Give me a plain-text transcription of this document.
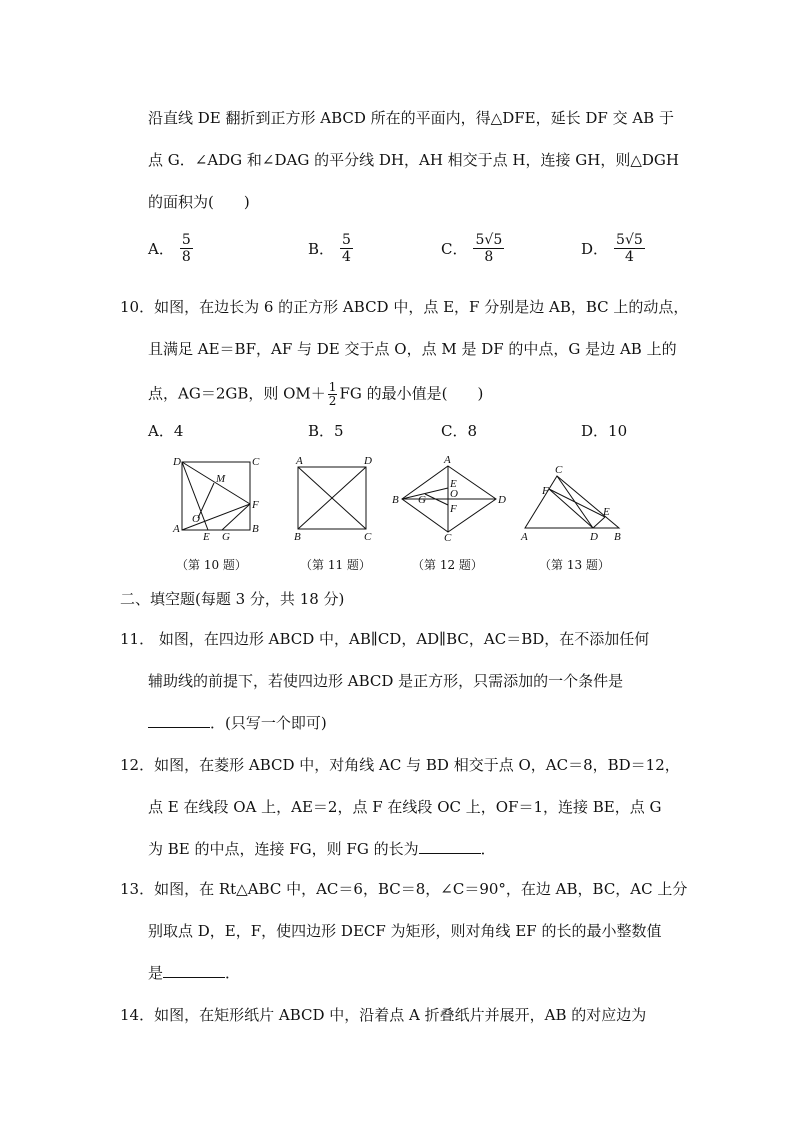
沿直线 DE 翻折到正方形 ABCD 所在的平面内，得△DFE，延长 DF 交 AB 于
点 G．∠ADG 和∠DAG 的平分线 DH，AH 相交于点 H，连接 GH，则△DGH
的面积为(　　)
A． $\frac{5}{8}$	B． $\frac{5}{4}$	C． $\frac{5√5}{8}$	D． $\frac{5√5}{4}$
10．如图，在边长为 6 的正方形 ABCD 中，点 E，F 分别是边 AB，BC 上的动点，
且满足 AE＝BF，AF 与 DE 交于点 O，点 M 是 DF 的中点，G 是边 AB 上的
点，AG＝2GB，则 $OM+ \frac{1}{2}$ FG 的最小值是(　　)
A．4	B．5	C．8	D．10
D	C
M
F
O
A
E G
B
A	D
B	C
A
E
B G O	D
F
C
C
F
E
A	D B
（第 10 题）	（第 11 题）	（第 12 题）	（第 13 题）
二、填空题(每题 3 分，共 18 分)
11． 如图，在四边形 ABCD 中，AB∥CD，AD∥BC，AC＝BD，在不添加任何
辅助线的前提下，若使四边形 ABCD 是正方形，只需添加的一个条件是
．(只写一个即可)
12．如图，在菱形 ABCD 中，对角线 AC 与 BD 相交于点 O，AC＝8，BD＝12，
点 E 在线段 OA 上，AE＝2，点 F 在线段 OC 上，OF＝1，连接 BE，点 G
为 BE 的中点，连接 FG，则 FG 的长为	．
13．如图，在 Rt△ABC 中，AC＝6，BC＝8，∠C＝90°，在边 AB，BC，AC 上分
别取点 D，E，F，使四边形 DECF 为矩形，则对角线 EF 的长的最小整数值
是	．
14．如图，在矩形纸片 ABCD 中，沿着点 A 折叠纸片并展开，AB 的对应边为
